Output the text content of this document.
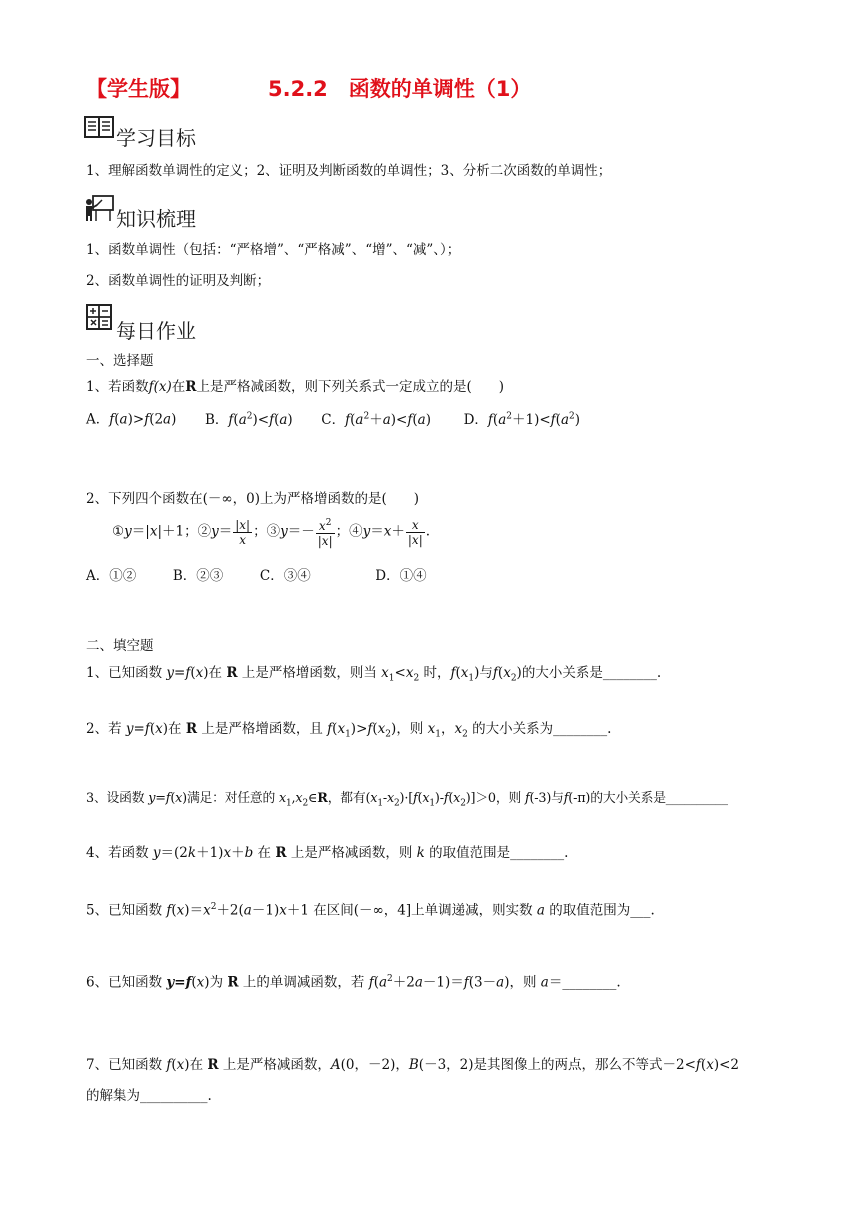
【学生版】	5.2.2　函数的单调性（1）
学习目标
1、理解函数单调性的定义；2、证明及判断函数的单调性；3、分析二次函数的单调性；
知识梳理
1、函数单调性（包括：“严格增”、“严格减”、“增”、“减”、）；
2、函数单调性的证明及判断；
每日作业
一、选择题
1、若函数f(x)在R上是严格减函数，则下列关系式一定成立的是(　　)
A．f(a)>f(2a) B．$f(a^2)<f(a)$ C．$f(a^2+a)<f(a)$ D．$f(a^2+1)<f(a^2)$
2、下列四个函数在(－∞，0)上为严格增函数的是(　　)
①y＝|x|＋1；②y＝ $\frac{|x|}{x}$ ；③y＝－ $\frac{x^2}{|x|}$ ；④y＝x＋ $\frac{x}{|x|}$ .
A．①②	B．②③	C．③④	D．①④
二、填空题
1、已知函数 y=f(x)在 R 上是严格增函数，则当 $x_1<x_2$ 时，$f(x_1)$与$f(x_2)$的大小关系是________.
2、若 y=f(x)在 R 上是严格增函数，且 $f(x_1)>f(x_2)$，则 $x_1$，$x_2$ 的大小关系为________.
3、设函数 y=f(x)满足：对任意的 $x_1,x_2\in R$，都有$(x_1-x_2)\cdot[f(x_1)-f(x_2)]>0$，则 f(-3)与f(-π)的大小关系是__________
4、若函数 y＝(2k＋1)x＋b 在 R 上是严格减函数，则 k 的取值范围是________.
5、已知函数 $f(x)=x^2+2(a-1)x+1$ 在区间(－∞，4]上单调递减，则实数 a 的取值范围为___.
6、已知函数 y=f(x)为 R 上的单调减函数，若 $f(a^2+2a-1)=f(3-a)$，则 a＝________.
7、已知函数 f(x)在 R 上是严格减函数，A(0，－2)，B(－3，2)是其图像上的两点，那么不等式－2<f(x)<2
的解集为__________.
